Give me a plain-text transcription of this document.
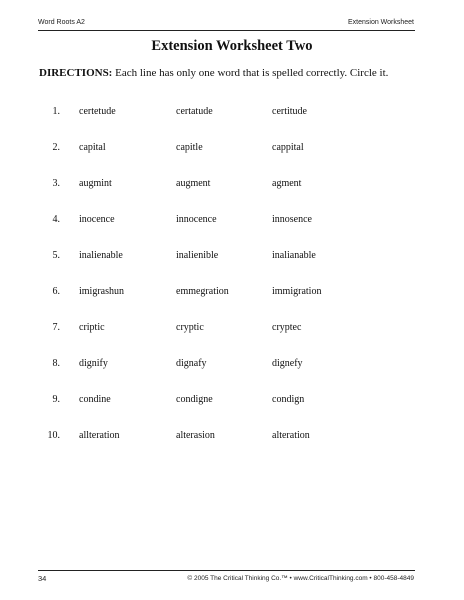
Word Roots A2	Extension Worksheet
Extension Worksheet Two
DIRECTIONS: Each line has only one word that is spelled correctly. Circle it.
1. certetude	certatude	certitude
2. capital	capitle	cappital
3. augmint	augment	agment
4. inocence	innocence	innosence
5. inalienable	inalienible	inalianable
6. imigrashun	emmegration	immigration
7. criptic	cryptic	cryptec
8. dignify	dignafy	dignefy
9. condine	condigne	condign
10. allteration	alterasion	alteration
34	© 2005 The Critical Thinking Co.™ • www.CriticalThinking.com • 800-458-4849
